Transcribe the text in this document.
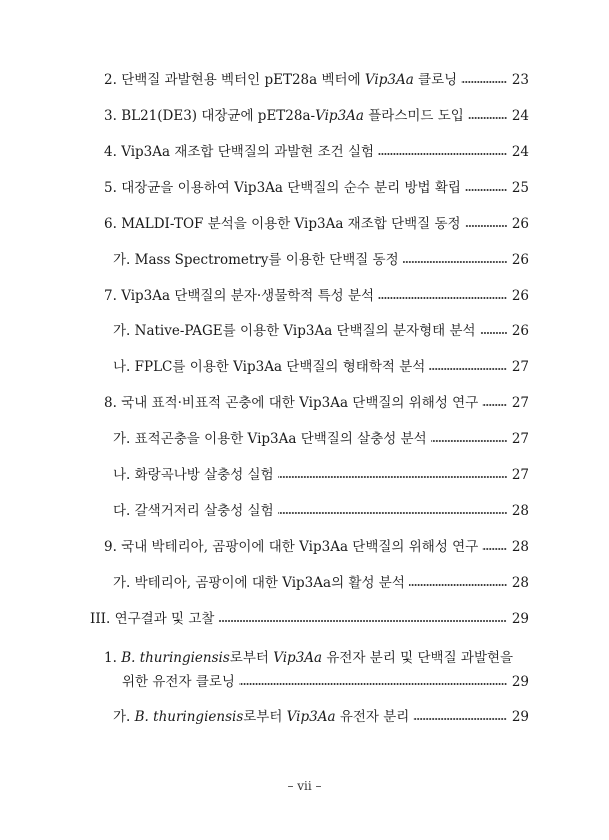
2. 단백질 과발현용 벡터인 pET28a 벡터에 Vip3Aa 클로닝	23
3. BL21(DE3) 대장균에 pET28a-Vip3Aa 플라스미드 도입	24
4. Vip3Aa 재조합 단백질의 과발현 조건 실험	24
5. 대장균을 이용하여 Vip3Aa 단백질의 순수 분리 방법 확립	25
6. MALDI-TOF 분석을 이용한 Vip3Aa 재조합 단백질 동정	26
가. Mass Spectrometry를 이용한 단백질 동정	26
7. Vip3Aa 단백질의 분자·생물학적 특성 분석	26
가. Native-PAGE를 이용한 Vip3Aa 단백질의 분자형태 분석	26
나. FPLC를 이용한 Vip3Aa 단백질의 형태학적 분석	27
8. 국내 표적·비표적 곤충에 대한 Vip3Aa 단백질의 위해성 연구 27
가. 표적곤충을 이용한 Vip3Aa 단백질의 살충성 분석	27
나. 화랑곡나방 살충성 실험	27
다. 갈색거저리 살충성 실험	28
9. 국내 박테리아, 곰팡이에 대한 Vip3Aa 단백질의 위해성 연구 28
가. 박테리아, 곰팡이에 대한 Vip3Aa의 활성 분석	28
III. 연구결과 및 고찰	29
1. B. thuringiensis로부터 Vip3Aa 유전자 분리 및 단백질 과발현을
위한 유전자 클로닝	29
가. B. thuringiensis로부터 Vip3Aa 유전자 분리	29
– vii –
